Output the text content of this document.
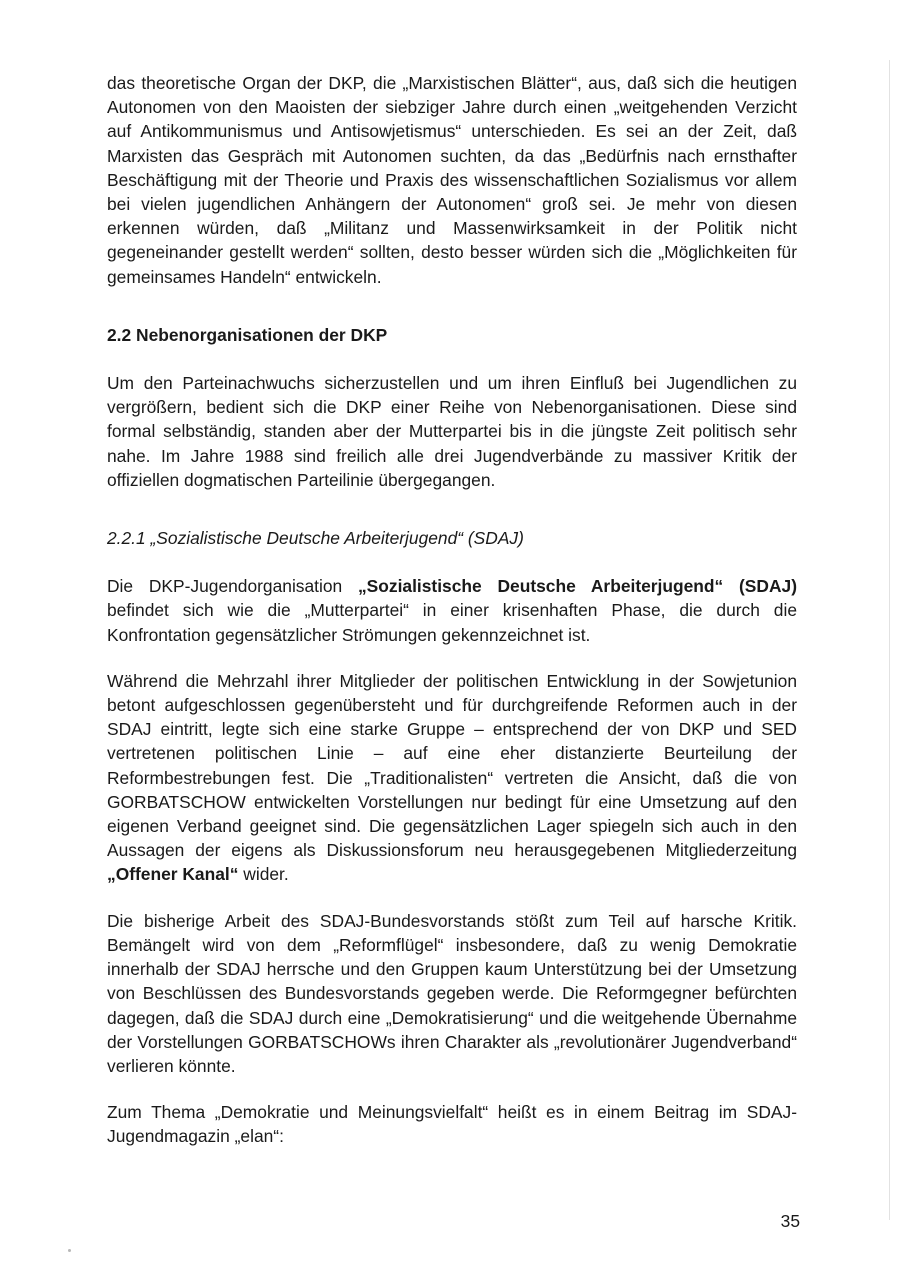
das theoretische Organ der DKP, die „Marxistischen Blätter“, aus, daß sich die heutigen Autonomen von den Maoisten der siebziger Jahre durch einen „weitgehenden Verzicht auf Antikommunismus und Antisowjetismus“ unterschieden. Es sei an der Zeit, daß Marxisten das Gespräch mit Autonomen suchten, da das „Bedürfnis nach ernsthafter Beschäftigung mit der Theorie und Praxis des wissenschaftlichen Sozialismus vor allem bei vielen jugendlichen Anhängern der Autonomen“ groß sei. Je mehr von diesen erkennen würden, daß „Militanz und Massenwirksamkeit in der Politik nicht gegeneinander gestellt werden“ sollten, desto besser würden sich die „Möglichkeiten für gemeinsames Handeln“ entwickeln.

2.2 Nebenorganisationen der DKP

Um den Parteinachwuchs sicherzustellen und um ihren Einfluß bei Jugendlichen zu vergrößern, bedient sich die DKP einer Reihe von Nebenorganisationen. Diese sind formal selbständig, standen aber der Mutterpartei bis in die jüngste Zeit politisch sehr nahe. Im Jahre 1988 sind freilich alle drei Jugendverbände zu massiver Kritik der offiziellen dogmatischen Parteilinie übergegangen.

2.2.1 „Sozialistische Deutsche Arbeiterjugend“ (SDAJ)

Die DKP-Jugendorganisation „Sozialistische Deutsche Arbeiterjugend“ (SDAJ) befindet sich wie die „Mutterpartei“ in einer krisenhaften Phase, die durch die Konfrontation gegensätzlicher Strömungen gekennzeichnet ist.

Während die Mehrzahl ihrer Mitglieder der politischen Entwicklung in der Sowjetunion betont aufgeschlossen gegenübersteht und für durchgreifende Reformen auch in der SDAJ eintritt, legte sich eine starke Gruppe – entsprechend der von DKP und SED vertretenen politischen Linie – auf eine eher distanzierte Beurteilung der Reformbestrebungen fest. Die „Traditionalisten“ vertreten die Ansicht, daß die von GORBATSCHOW entwickelten Vorstellungen nur bedingt für eine Umsetzung auf den eigenen Verband geeignet sind. Die gegensätzlichen Lager spiegeln sich auch in den Aussagen der eigens als Diskussionsforum neu herausgegebenen Mitgliederzeitung „Offener Kanal“ wider.

Die bisherige Arbeit des SDAJ-Bundesvorstands stößt zum Teil auf harsche Kritik. Bemängelt wird von dem „Reformflügel“ insbesondere, daß zu wenig Demokratie innerhalb der SDAJ herrsche und den Gruppen kaum Unterstützung bei der Umsetzung von Beschlüssen des Bundesvorstands gegeben werde. Die Reformgegner befürchten dagegen, daß die SDAJ durch eine „Demokratisierung“ und die weitgehende Übernahme der Vorstellungen GORBATSCHOWs ihren Charakter als „revolutionärer Jugendverband“ verlieren könnte.

Zum Thema „Demokratie und Meinungsvielfalt“ heißt es in einem Beitrag im SDAJ-Jugendmagazin „elan“:

35
